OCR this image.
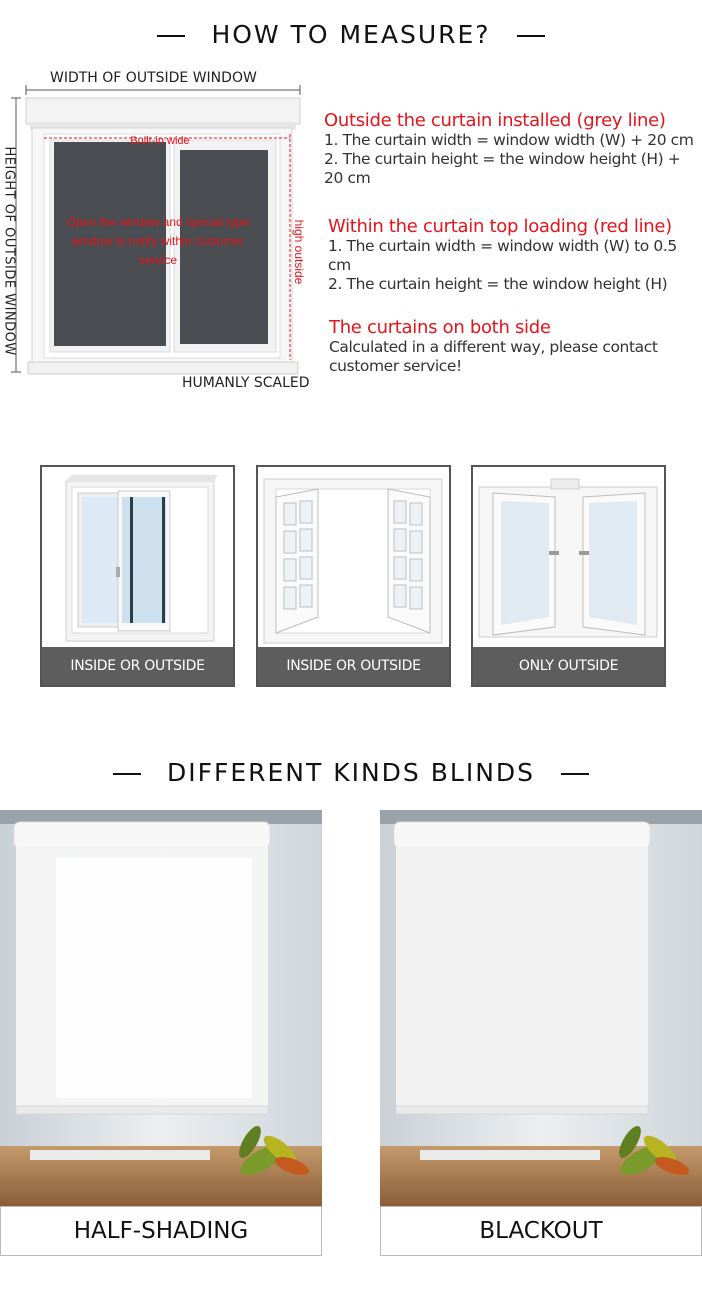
HOW TO MEASURE?
WIDTH OF OUTSIDE WINDOW
HEIGHT OF OUTSIDE WINDOW
Built-in wide
Open the window and special type window to notify within customer service	high outside
HUMANLY SCALED
Outside the curtain installed (grey line)

1. The curtain width = window width (W) + 20 cm

2. The curtain height = the window height (H) + 20 cm

Within the curtain top loading (red line)

1. The curtain width = window width (W) to 0.5 cm

2. The curtain height = the window height (H)

The curtains on both side

Calculated in a different way, please contact

customer service!

INSIDE OR OUTSIDE	INSIDE OR OUTSIDE	ONLY OUTSIDE
DIFFERENT KINDS BLINDS
HALF-SHADING	BLACKOUT
